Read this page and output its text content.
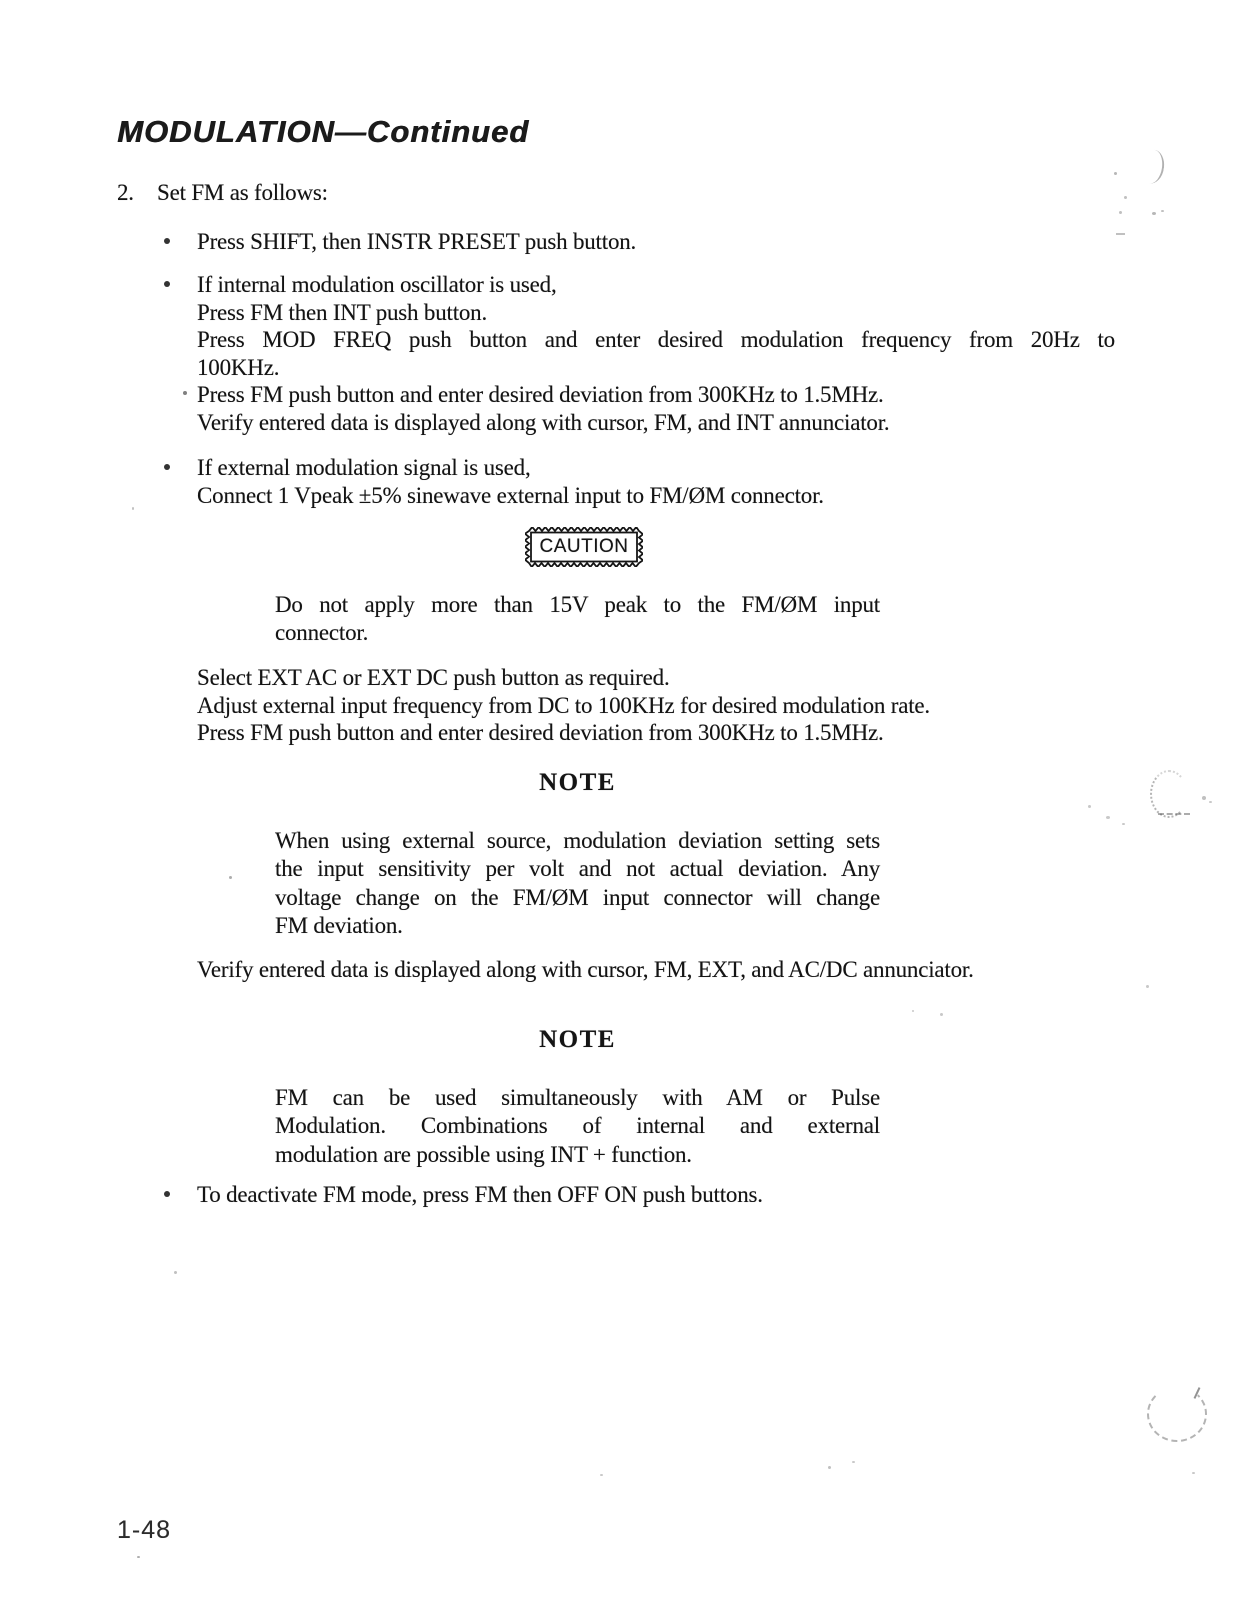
MODULATION—Continued
2. Set FM as follows:
Press SHIFT, then INSTR PRESET push button.
If internal modulation oscillator is used,
Press FM then INT push button.
Press MOD FREQ push button and enter desired modulation frequency from 20Hz to
100KHz.
Press FM push button and enter desired deviation from 300KHz to 1.5MHz.
Verify entered data is displayed along with cursor, FM, and INT annunciator.
If external modulation signal is used,
Connect 1 Vpeak ±5% sinewave external input to FM/ØM connector.
CAUTION
Do not apply more than 15V peak to the FM/ØM input
connector.
Select EXT AC or EXT DC push button as required.
Adjust external input frequency from DC to 100KHz for desired modulation rate.
Press FM push button and enter desired deviation from 300KHz to 1.5MHz.
NOTE
When using external source, modulation deviation setting sets
the input sensitivity per volt and not actual deviation. Any
voltage change on the FM/ØM input connector will change
FM deviation.
Verify entered data is displayed along with cursor, FM, EXT, and AC/DC annunciator.
NOTE
FM can be used simultaneously with AM or Pulse
Modulation. Combinations of internal and external
modulation are possible using INT + function.
To deactivate FM mode, press FM then OFF ON push buttons.
1-48
